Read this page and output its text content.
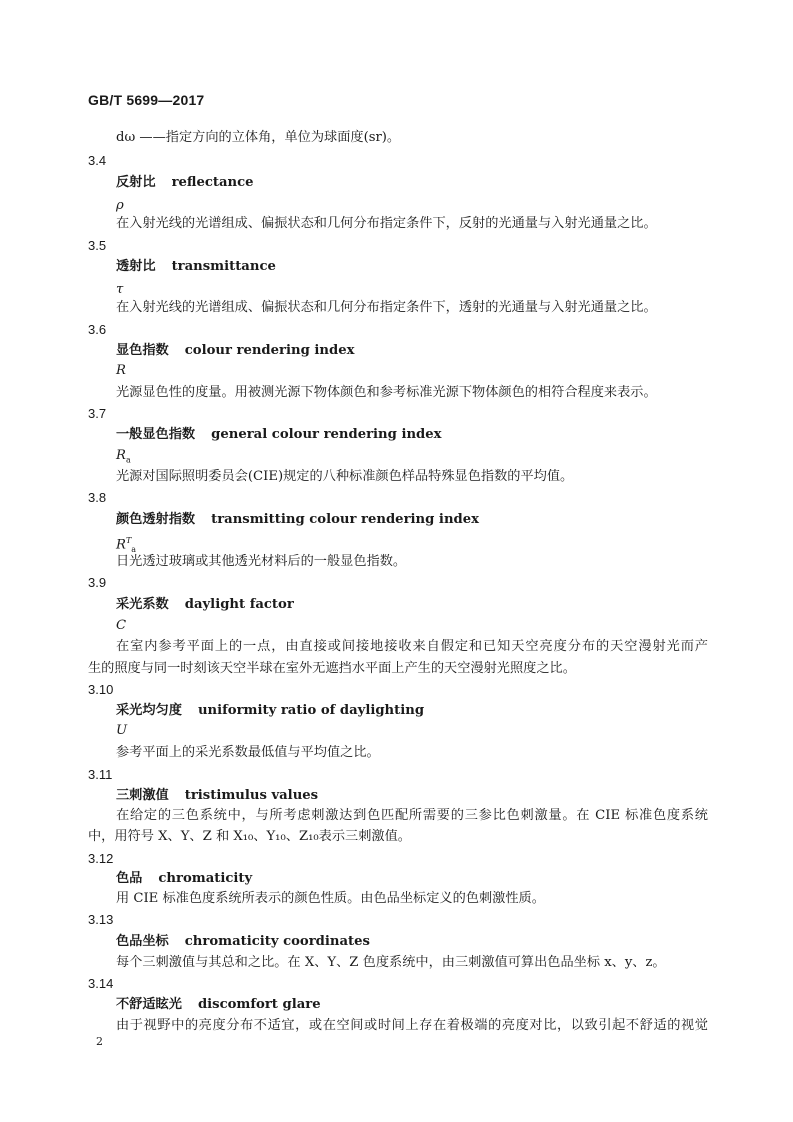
GB/T 5699—2017
dω ——指定方向的立体角，单位为球面度(sr)。
3.4
反射比 reflectance
ρ
在入射光线的光谱组成、偏振状态和几何分布指定条件下，反射的光通量与入射光通量之比。
3.5
透射比 transmittance
τ
在入射光线的光谱组成、偏振状态和几何分布指定条件下，透射的光通量与入射光通量之比。
3.6
显色指数 colour rendering index
R
光源显色性的度量。用被测光源下物体颜色和参考标准光源下物体颜色的相符合程度来表示。
3.7
一般显色指数 general colour rendering index
$R_a$
光源对国际照明委员会(CIE)规定的八种标准颜色样品特殊显色指数的平均值。
3.8
颜色透射指数 transmitting colour rendering index
$R^T_a$
日光透过玻璃或其他透光材料后的一般显色指数。
3.9
采光系数 daylight factor
C
在室内参考平面上的一点，由直接或间接地接收来自假定和已知天空亮度分布的天空漫射光而产
生的照度与同一时刻该天空半球在室外无遮挡水平面上产生的天空漫射光照度之比。
3.10
采光均匀度 uniformity ratio of daylighting
U
参考平面上的采光系数最低值与平均值之比。
3.11
三刺激值 tristimulus values
在给定的三色系统中，与所考虑刺激达到色匹配所需要的三参比色刺激量。在 CIE 标准色度系统
中，用符号 X、Y、Z 和 X₁₀、Y₁₀、Z₁₀表示三刺激值。
3.12
色品 chromaticity
用 CIE 标准色度系统所表示的颜色性质。由色品坐标定义的色刺激性质。
3.13
色品坐标 chromaticity coordinates
每个三刺激值与其总和之比。在 X、Y、Z 色度系统中，由三刺激值可算出色品坐标 x、y、z。
3.14
不舒适眩光 discomfort glare
由于视野中的亮度分布不适宜，或在空间或时间上存在着极端的亮度对比，以致引起不舒适的视觉
2
